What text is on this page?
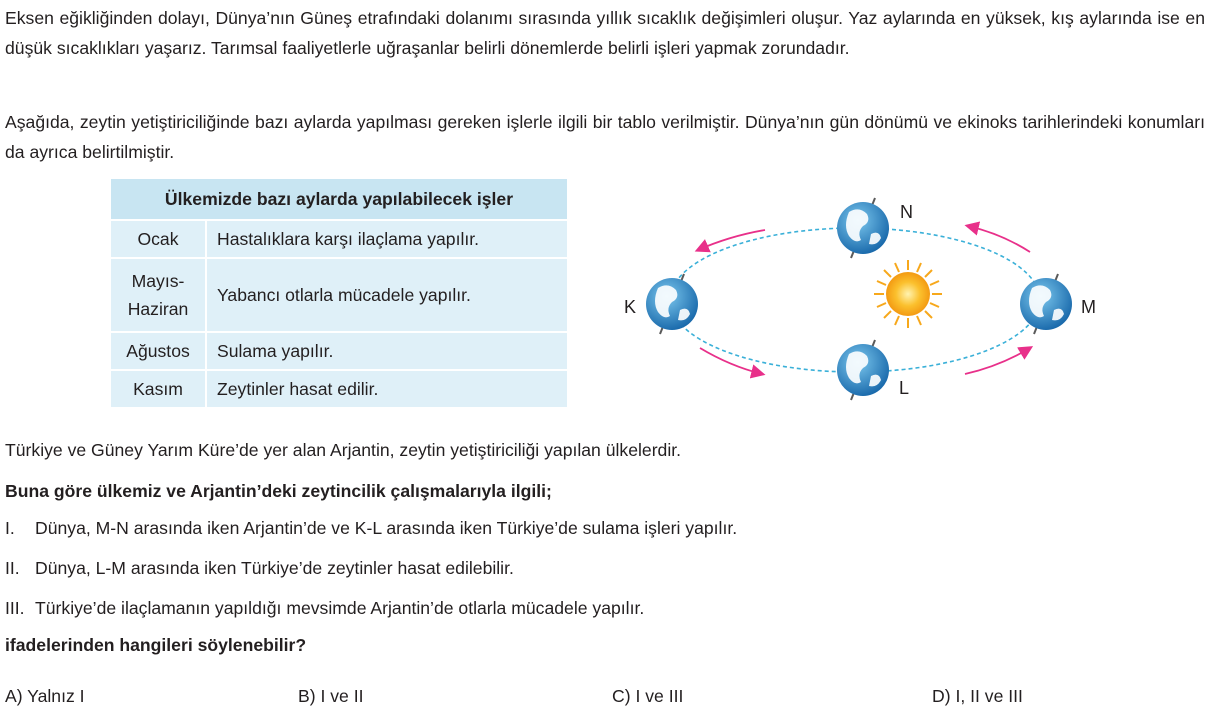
Eksen eğikliğinden dolayı, Dünya’nın Güneş etrafındaki dolanımı sırasında yıllık sıcaklık değişimleri oluşur. Yaz aylarında en yüksek, kış aylarında ise en düşük sıcaklıkları yaşarız. Tarımsal faaliyetlerle uğraşanlar belirli dönemlerde belirli işleri yapmak zorundadır.

Aşağıda, zeytin yetiştiriciliğinde bazı aylarda yapılması gereken işlerle ilgili bir tablo verilmiştir. Dünya’nın gün dönümü ve ekinoks tarihlerindeki konumları da ayrıca belirtilmiştir.

Ülkemizde bazı aylarda yapılabilecek işler	
Ocak	Hastalıklara karşı ilaçlama yapılır.
Mayıs-
Haziran	Yabancı otlarla mücadele yapılır.
Ağustos	Sulama yapılır.
Kasım	Zeytinler hasat edilir.
K
N
M
L
Türkiye ve Güney Yarım Küre’de yer alan Arjantin, zeytin yetiştiriciliği yapılan ülkelerdir.
Buna göre ülkemiz ve Arjantin’deki zeytincilik çalışmalarıyla ilgili;
I. Dünya, M-N arasında iken Arjantin’de ve K-L arasında iken Türkiye’de sulama işleri yapılır.
II. Dünya, L-M arasında iken Türkiye’de zeytinler hasat edilebilir.
III. Türkiye’de ilaçlamanın yapıldığı mevsimde Arjantin’de otlarla mücadele yapılır.
ifadelerinden hangileri söylenebilir?
A) Yalnız I	B) I ve II	C) I ve III	D) I, II ve III
